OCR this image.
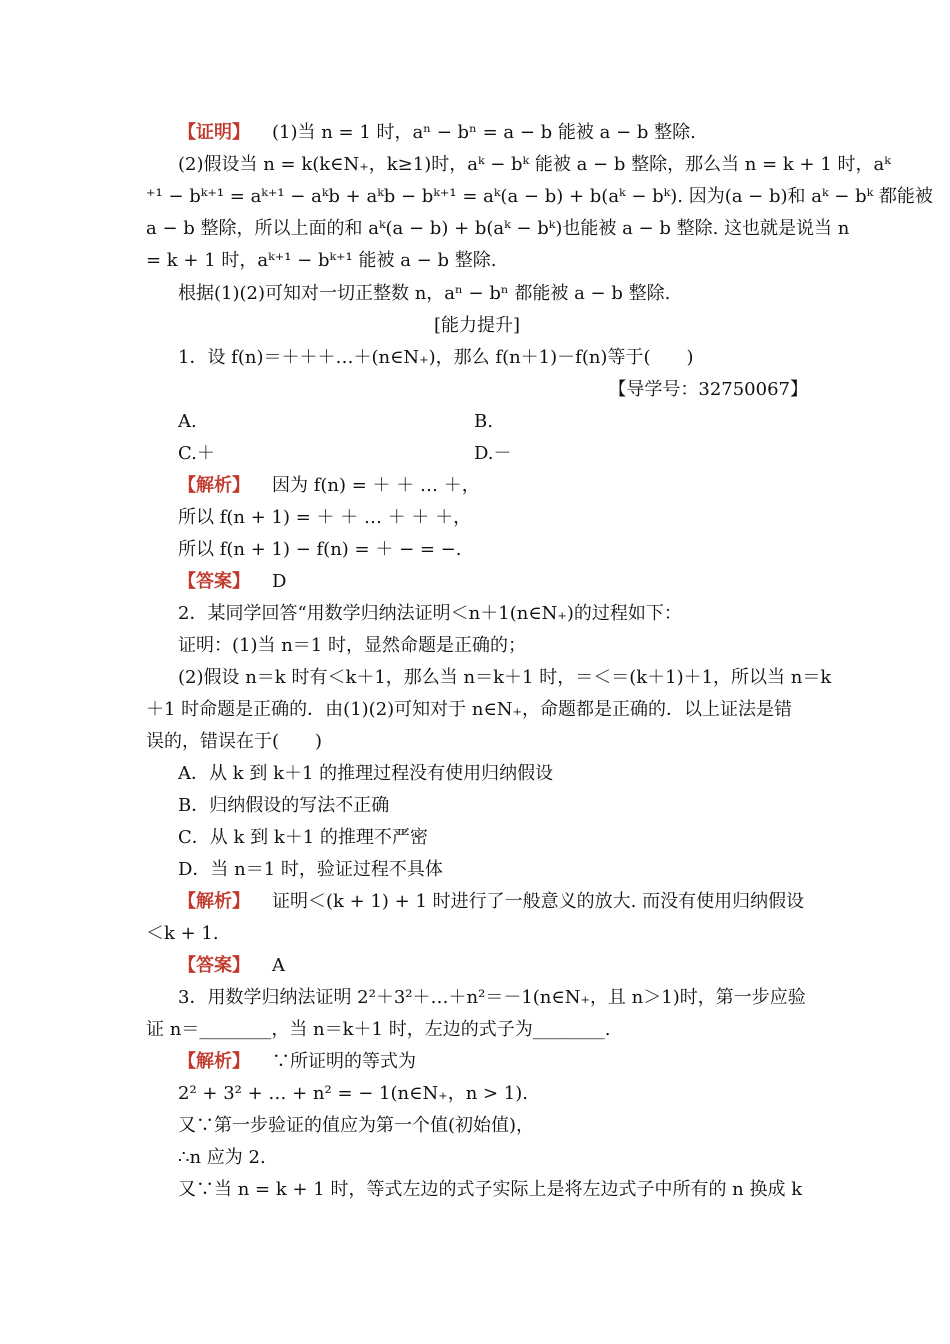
【证明】 (1)当 n = 1 时，aⁿ − bⁿ = a − b 能被 a − b 整除.
(2)假设当 n = k(k∈N₊，k≥1)时，aᵏ − bᵏ 能被 a − b 整除，那么当 n = k + 1 时，aᵏ
⁺¹ − bᵏ⁺¹ = aᵏ⁺¹ − aᵏb + aᵏb − bᵏ⁺¹ = aᵏ(a − b) + b(aᵏ − bᵏ). 因为(a − b)和 aᵏ − bᵏ 都能被
a − b 整除，所以上面的和 aᵏ(a − b) + b(aᵏ − bᵏ)也能被 a − b 整除. 这也就是说当 n
= k + 1 时，aᵏ⁺¹ − bᵏ⁺¹ 能被 a − b 整除.
根据(1)(2)可知对一切正整数 n，aⁿ − bⁿ 都能被 a − b 整除.
[能力提升]
1．设 f(n)＝＋＋＋…＋(n∈N₊)，那么 f(n＋1)－f(n)等于(　　)
【导学号：32750067】
A.	B.
C.＋	D.－
【解析】 因为 f(n) = ＋ ＋ … ＋，
所以 f(n + 1) = ＋ ＋ … ＋ ＋ ＋，
所以 f(n + 1) − f(n) = ＋ − = −.
【答案】 D
2．某同学回答“用数学归纳法证明＜n＋1(n∈N₊)的过程如下：
证明：(1)当 n＝1 时，显然命题是正确的；
(2)假设 n＝k 时有＜k＋1，那么当 n＝k＋1 时，＝＜＝(k＋1)＋1，所以当 n＝k
＋1 时命题是正确的．由(1)(2)可知对于 n∈N₊，命题都是正确的．以上证法是错
误的，错误在于(　　)
A．从 k 到 k＋1 的推理过程没有使用归纳假设
B．归纳假设的写法不正确
C．从 k 到 k＋1 的推理不严密
D．当 n＝1 时，验证过程不具体
【解析】 证明＜(k + 1) + 1 时进行了一般意义的放大. 而没有使用归纳假设
＜k + 1.
【答案】 A
3．用数学归纳法证明 2²＋3²＋…＋n²＝－1(n∈N₊，且 n＞1)时，第一步应验
证 n＝________，当 n＝k＋1 时，左边的式子为________.
【解析】 ∵所证明的等式为
2² + 3² + … + n² = − 1(n∈N₊，n > 1).
又∵第一步验证的值应为第一个值(初始值)，
∴n 应为 2.
又∵当 n = k + 1 时，等式左边的式子实际上是将左边式子中所有的 n 换成 k
